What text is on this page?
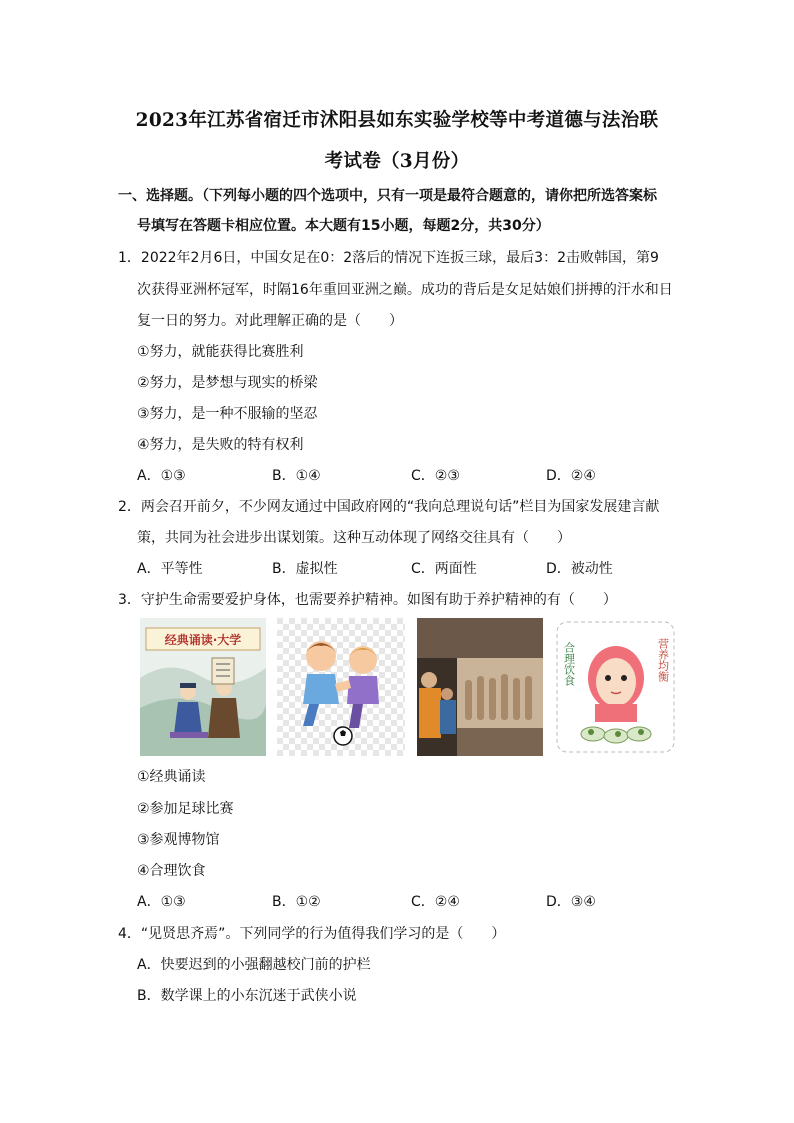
2023年江苏省宿迁市沭阳县如东实验学校等中考道德与法治联
考试卷（3月份）
一、选择题。（下列每小题的四个选项中，只有一项是最符合题意的，请你把所选答案标
号填写在答题卡相应位置。本大题有15小题，每题2分，共30分）
1．2022年2月6日，中国女足在0：2落后的情况下连扳三球，最后3：2击败韩国，第9
次获得亚洲杯冠军，时隔16年重回亚洲之巅。成功的背后是女足姑娘们拼搏的汗水和日
复一日的努力。对此理解正确的是（　　）
①努力，就能获得比赛胜利
②努力，是梦想与现实的桥梁
③努力，是一种不服输的坚忍
④努力，是失败的特有权利
A．①③	B．①④	C．②③	D．②④
2．两会召开前夕，不少网友通过中国政府网的“我向总理说句话”栏目为国家发展建言献
策，共同为社会进步出谋划策。这种互动体现了网络交往具有（　　）
A．平等性	B．虚拟性	C．两面性	D．被动性
3．守护生命需要爱护身体，也需要养护精神。如图有助于养护精神的有（　　）
经典诵读·大学
合理饮食	营养均衡
①经典诵读
②参加足球比赛
③参观博物馆
④合理饮食
A．①③	B．①②	C．②④	D．③④
4．“见贤思齐焉”。下列同学的行为值得我们学习的是（　　）
A．快要迟到的小强翻越校门前的护栏
B．数学课上的小东沉迷于武侠小说
